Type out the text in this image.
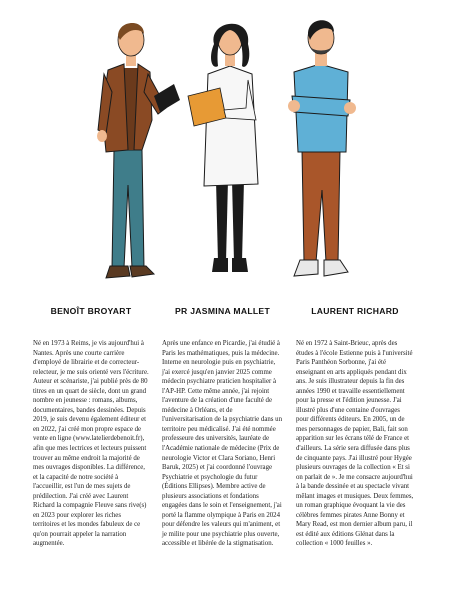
BENOÎT BROYART	PR JASMINA MALLET	LAURENT RICHARD

Né en 1973 à Reims, je vis aujourd'hui à Nantes. Après une courte carrière d'employé de librairie et de correcteur-relecteur, je me suis orienté vers l'écriture. Auteur et scénariste, j'ai publié près de 80 titres en un quart de siècle, dont un grand nombre en jeunesse : romans, albums, documentaires, bandes dessinées. Depuis 2019, je suis devenu également éditeur et en 2022, j'ai créé mon propre espace de vente en ligne (www.latelierdebenoit.fr), afin que mes lectrices et lecteurs puissent trouver au même endroit la majorité de mes ouvrages disponibles. La différence, et la capacité de notre société à l'accueillir, est l'un de mes sujets de prédilection. J'ai créé avec Laurent Richard la compagnie Fleuve sans rive(s) en 2023 pour explorer les riches territoires et les mondes fabuleux de ce qu'on pourrait appeler la narration augmentée.

Après une enfance en Picardie, j'ai étudié à Paris les mathématiques, puis la médecine. Interne en neurologie puis en psychiatrie, j'ai exercé jusqu'en janvier 2025 comme médecin psychiatre praticien hospitalier à l'AP-HP. Cette même année, j'ai rejoint l'aventure de la création d'une faculté de médecine à Orléans, et de l'universitarisation de la psychiatrie dans un territoire peu médicalisé. J'ai été nommée professeure des universités, lauréate de l'Académie nationale de médecine (Prix de neurologie Victor et Clara Soriano, Henri Baruk, 2025) et j'ai coordonné l'ouvrage Psychiatrie et psychologie du futur (Éditions Ellipses). Membre active de plusieurs associations et fondations engagées dans le soin et l'enseignement, j'ai porté la flamme olympique à Paris en 2024 pour défendre les valeurs qui m'animent, et je milite pour une psychiatrie plus ouverte, accessible et libérée de la stigmatisation.

Né en 1972 à Saint-Brieuc, après des études à l'école Estienne puis à l'université Paris Panthéon Sorbonne, j'ai été enseignant en arts appliqués pendant dix ans. Je suis illustrateur depuis la fin des années 1990 et travaille essentiellement pour la presse et l'édition jeunesse. J'ai illustré plus d'une centaine d'ouvrages pour différents éditeurs. En 2005, un de mes personnages de papier, Bali, fait son apparition sur les écrans télé de France et d'ailleurs. La série sera diffusée dans plus de cinquante pays. J'ai illustré pour Hygée plusieurs ouvrages de la collection « Et si on parlait de ». Je me consacre aujourd'hui à la bande dessinée et au spectacle vivant mêlant images et musiques. Deux femmes, un roman graphique évoquant la vie des célèbres femmes pirates Anne Bonny et Mary Read, est mon dernier album paru, il est édité aux éditions Glénat dans la collection « 1000 feuilles ».
